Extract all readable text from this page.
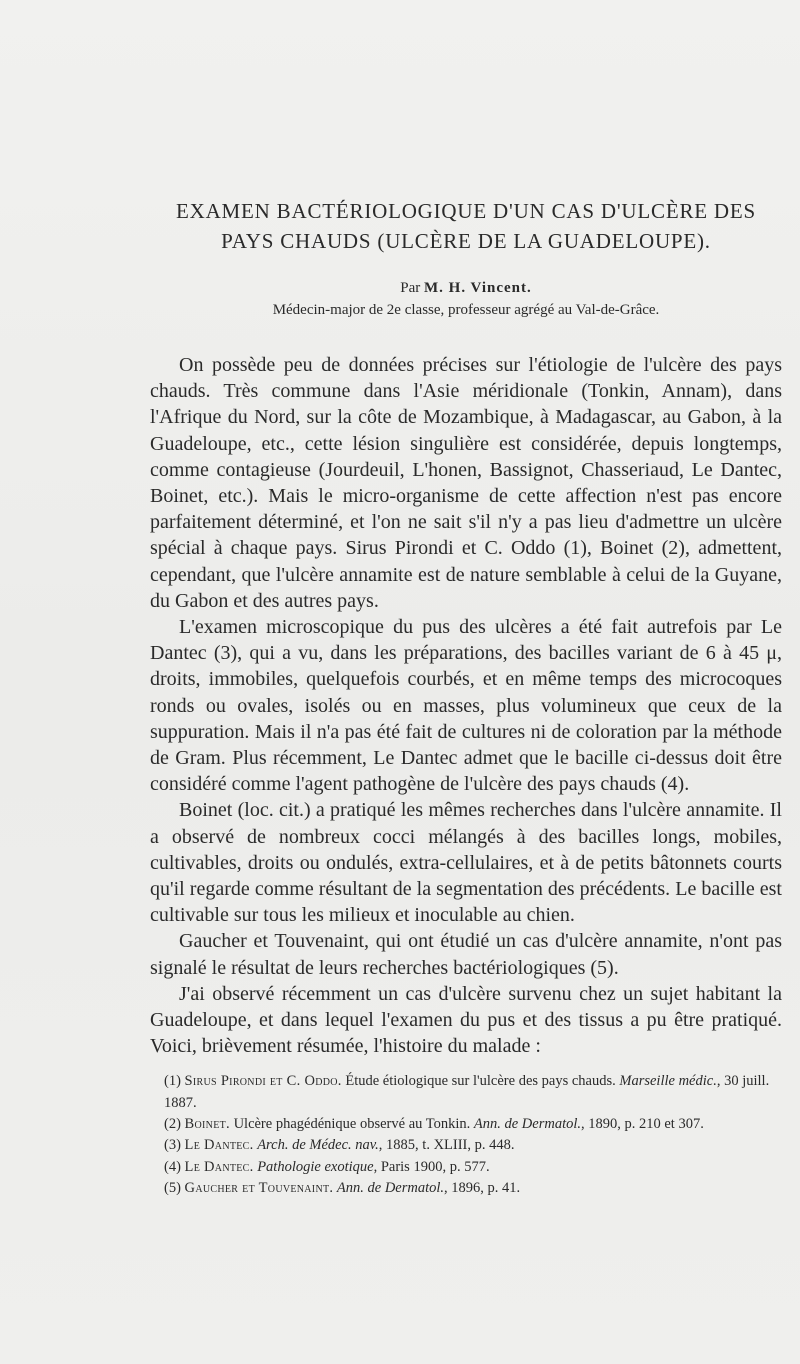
EXAMEN BACTÉRIOLOGIQUE D'UN CAS D'ULCÈRE DES
PAYS CHAUDS (ULCÈRE DE LA GUADELOUPE).
Par M. H. Vincent.
Médecin-major de 2e classe, professeur agrégé au Val-de-Grâce.

On possède peu de données précises sur l'étiologie de l'ulcère des pays chauds. Très commune dans l'Asie méridionale (Tonkin, Annam), dans l'Afrique du Nord, sur la côte de Mozambique, à Madagascar, au Gabon, à la Guadeloupe, etc., cette lésion singulière est considérée, depuis longtemps, comme contagieuse (Jourdeuil, L'honen, Bassignot, Chasseriaud, Le Dantec, Boinet, etc.). Mais le micro-organisme de cette affection n'est pas encore parfaitement déterminé, et l'on ne sait s'il n'y a pas lieu d'admettre un ulcère spécial à chaque pays. Sirus Pirondi et C. Oddo (1), Boinet (2), admettent, cependant, que l'ulcère annamite est de nature semblable à celui de la Guyane, du Gabon et des autres pays.

L'examen microscopique du pus des ulcères a été fait autrefois par Le Dantec (3), qui a vu, dans les préparations, des bacilles variant de 6 à 45 μ, droits, immobiles, quelquefois courbés, et en même temps des microcoques ronds ou ovales, isolés ou en masses, plus volumineux que ceux de la suppuration. Mais il n'a pas été fait de cultures ni de coloration par la méthode de Gram. Plus récemment, Le Dantec admet que le bacille ci-dessus doit être considéré comme l'agent pathogène de l'ulcère des pays chauds (4).

Boinet (loc. cit.) a pratiqué les mêmes recherches dans l'ulcère annamite. Il a observé de nombreux cocci mélangés à des bacilles longs, mobiles, cultivables, droits ou ondulés, extra-cellulaires, et à de petits bâtonnets courts qu'il regarde comme résultant de la segmentation des précédents. Le bacille est cultivable sur tous les milieux et inoculable au chien.

Gaucher et Touvenaint, qui ont étudié un cas d'ulcère annamite, n'ont pas signalé le résultat de leurs recherches bactériologiques (5).

J'ai observé récemment un cas d'ulcère survenu chez un sujet habitant la Guadeloupe, et dans lequel l'examen du pus et des tissus a pu être pratiqué. Voici, brièvement résumée, l'histoire du malade :

(1) Sirus Pirondi et C. Oddo. Étude étiologique sur l'ulcère des pays chauds. Marseille médic., 30 juill. 1887.

(2) Boinet. Ulcère phagédénique observé au Tonkin. Ann. de Dermatol., 1890, p. 210 et 307.

(3) Le Dantec. Arch. de Médec. nav., 1885, t. XLIII, p. 448.

(4) Le Dantec. Pathologie exotique, Paris 1900, p. 577.

(5) Gaucher et Touvenaint. Ann. de Dermatol., 1896, p. 41.
